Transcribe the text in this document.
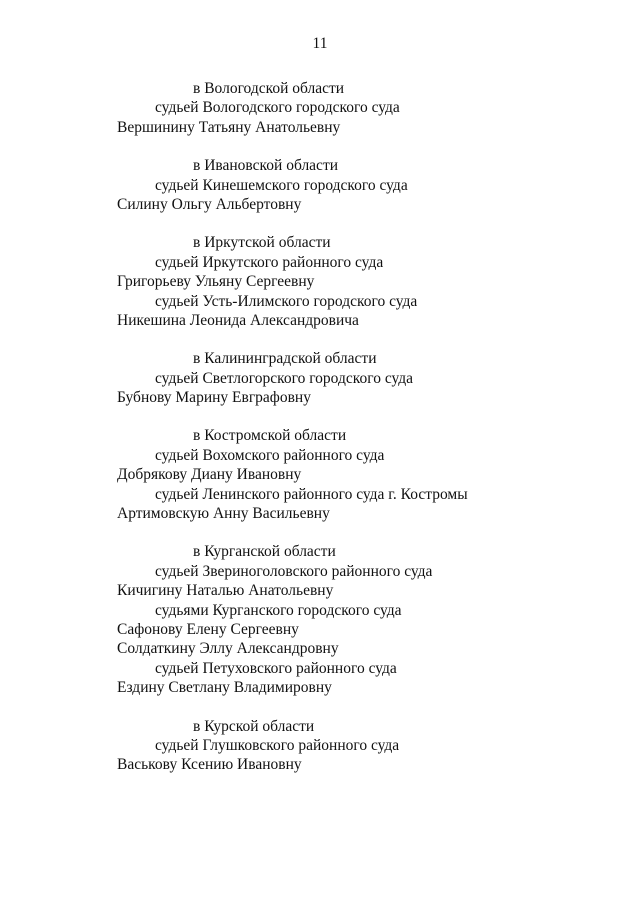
11
в Вологодской области
судьей Вологодского городского суда
Вершинину Татьяну Анатольевну
в Ивановской области
судьей Кинешемского городского суда
Силину Ольгу Альбертовну
в Иркутской области
судьей Иркутского районного суда
Григорьеву Ульяну Сергеевну
судьей Усть-Илимского городского суда
Никешина Леонида Александровича
в Калининградской области
судьей Светлогорского городского суда
Бубнову Марину Евграфовну
в Костромской области
судьей Вохомского районного суда
Добрякову Диану Ивановну
судьей Ленинского районного суда г. Костромы
Артимовскую Анну Васильевну
в Курганской области
судьей Звериноголовского районного суда
Кичигину Наталью Анатольевну
судьями Курганского городского суда
Сафонову Елену Сергеевну
Солдаткину Эллу Александровну
судьей Петуховского районного суда
Ездину Светлану Владимировну
в Курской области
судьей Глушковского районного суда
Васькову Ксению Ивановну
